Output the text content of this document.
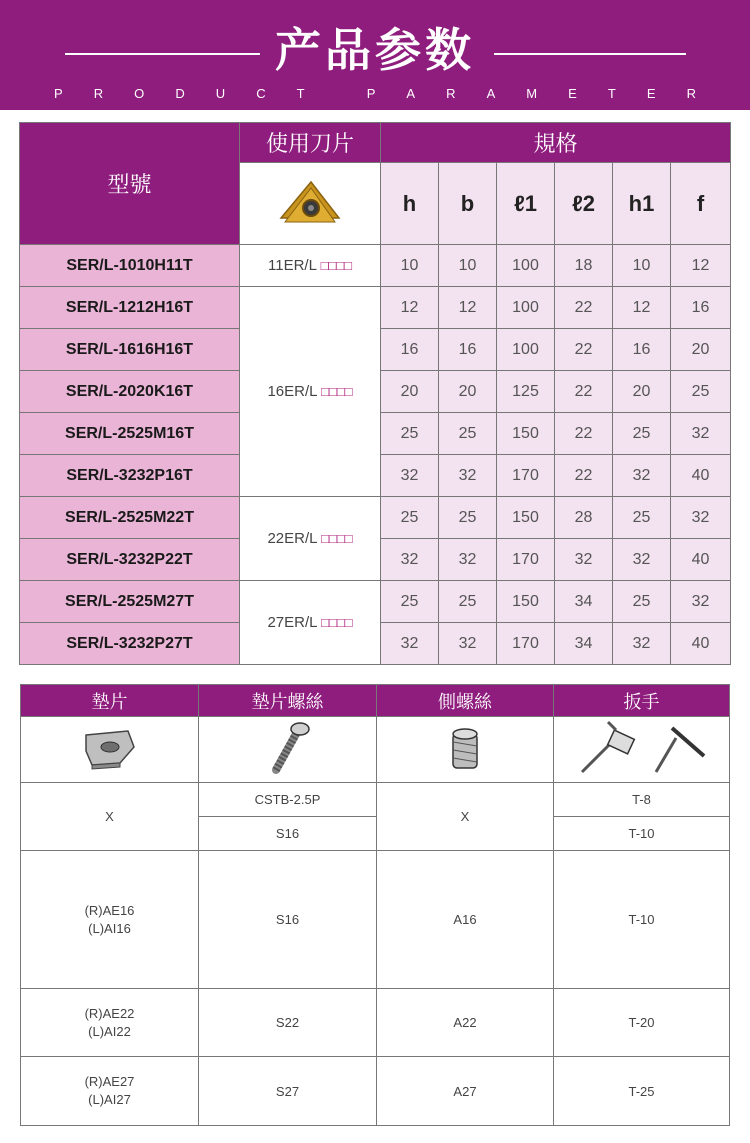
产品参数
P R O D U C T	P A R A M E T E R
型號	使用刀片	規格					
	h	b	ℓ1	ℓ2	h1	f
SER/L-1010H11T	11ER/L □□□□	10	10	100	18	10	12
SER/L-1212H16T	16ER/L □□□□	12	12	100	22	12	16
SER/L-1616H16T		16	16	100	22	16	20
SER/L-2020K16T		20	20	125	22	20	25
SER/L-2525M16T		25	25	150	22	25	32
SER/L-3232P16T		32	32	170	22	32	40
SER/L-2525M22T	22ER/L □□□□	25	25	150	28	25	32
SER/L-3232P22T		32	32	170	32	32	40
SER/L-2525M27T	27ER/L □□□□	25	25	150	34	25	32
SER/L-3232P27T		32	32	170	34	32	40
墊片	墊片螺絲	側螺絲	扳手

X	CSTB-2.5P	X	T-8
	S16		T-10

(R)AE16
(L)AI16	S16	A16	T-10

(R)AE22
(L)AI22	S22	A22	T-20

(R)AE27
(L)AI27	S27	A27	T-25
